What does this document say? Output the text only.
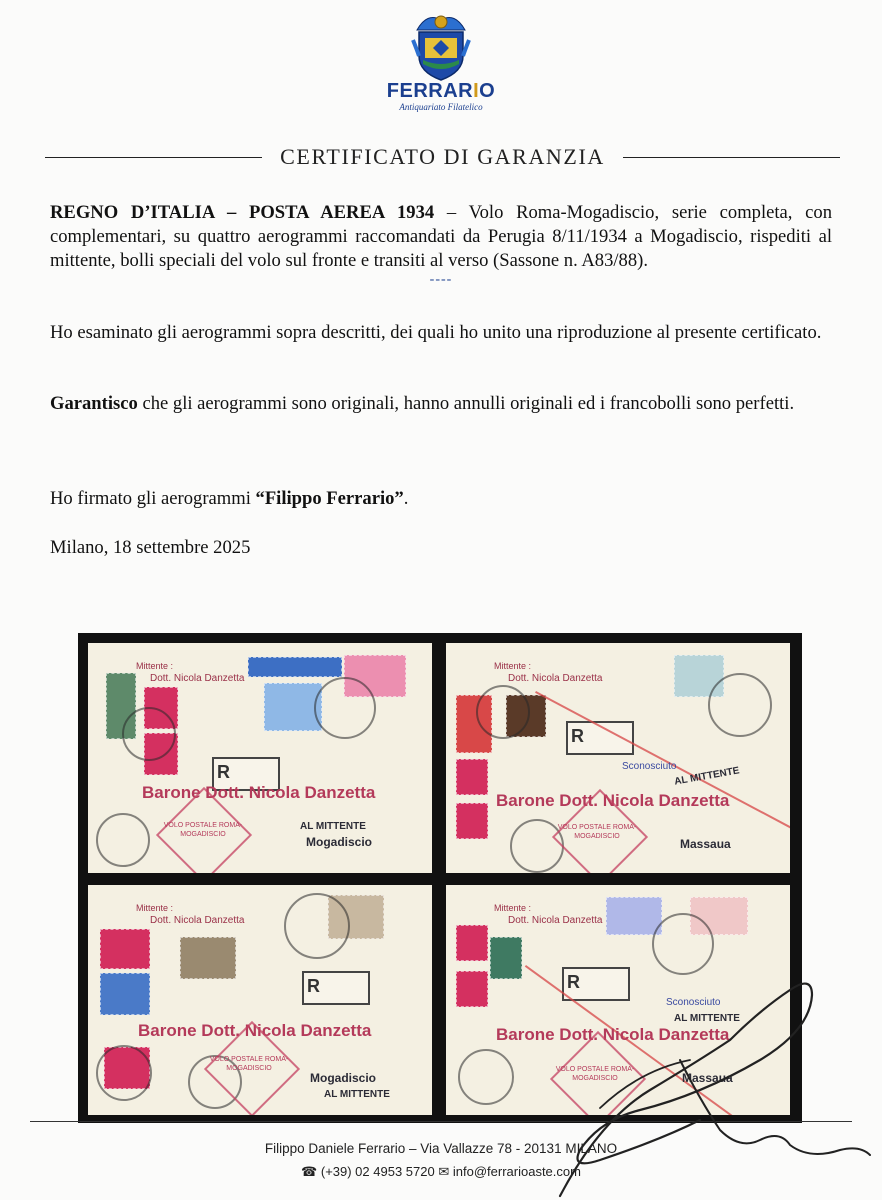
FERRARIO
Antiquariato Filatelico
CERTIFICATO DI GARANZIA
REGNO D’ITALIA – POSTA AEREA 1934 – Volo Roma-Mogadiscio, serie completa, con complementari, su quattro aerogrammi raccomandati da Perugia 8/11/1934 a Mogadiscio, rispediti al mittente, bolli speciali del volo sul fronte e transiti al verso (Sassone n. A83/88).
----
Ho esaminato gli aerogrammi sopra descritti, dei quali ho unito una riproduzione al presente certificato.
Garantisco che gli aerogrammi sono originali, hanno annulli originali ed i francobolli sono perfetti.
Ho firmato gli aerogrammi “Filippo Ferrario”.
Milano, 18 settembre 2025
Mittente :
Dott. Nicola Danzetta
R
Barone Dott. Nicola Danzetta
VOLO POSTALE ROMA-MOGADISCIO
AL MITTENTE
Mogadiscio
Mittente :
Dott. Nicola Danzetta
R
Sconosciuto
AL MITTENTE
Barone Dott. Nicola Danzetta
VOLO POSTALE ROMA-MOGADISCIO
Massaua
Mittente :
Dott. Nicola Danzetta
R
Barone Dott. Nicola Danzetta
VOLO POSTALE ROMA-MOGADISCIO
Mogadiscio
AL MITTENTE
Mittente :
Dott. Nicola Danzetta
R
Sconosciuto
AL MITTENTE
Barone Dott. Nicola Danzetta
VOLO POSTALE ROMA-MOGADISCIO	Massaua
Filippo Daniele Ferrario – Via Vallazze 78 - 20131 MILANO
☎ (+39) 02 4953 5720 ✉ info@ferrarioaste.com
